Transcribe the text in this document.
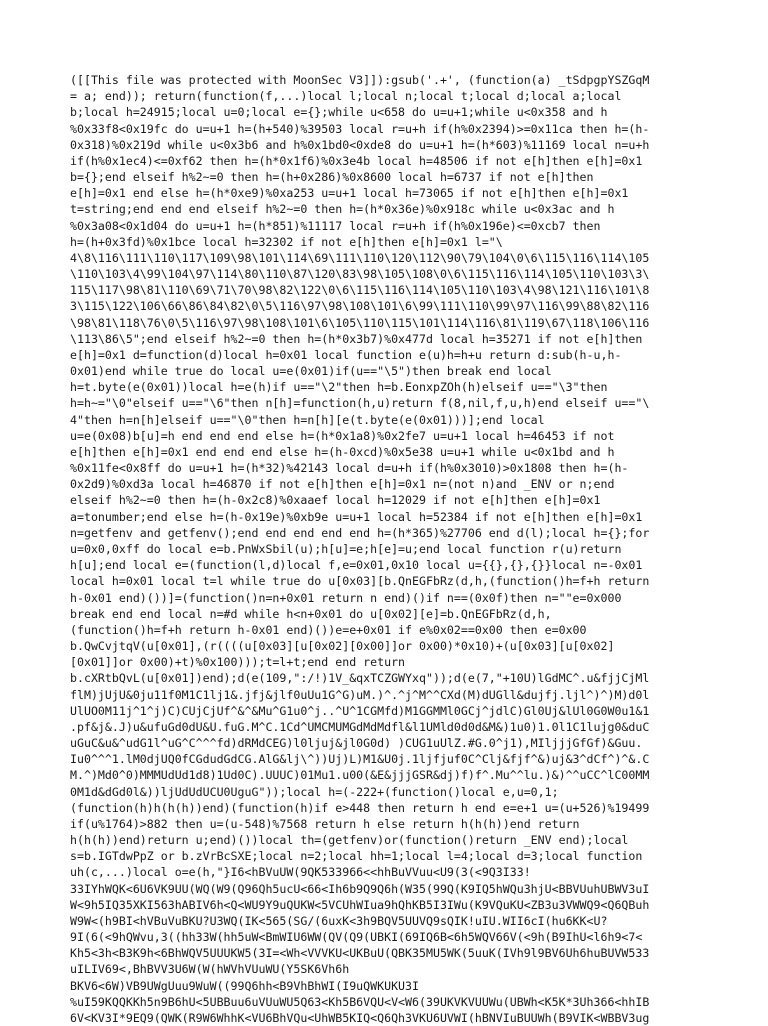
([[This file was protected with MoonSec V3]]):gsub('.+', (function(a) _tSdpgpYSZGqM
= a; end)); return(function(f,...)local l;local n;local t;local d;local a;local
b;local h=24915;local u=0;local e={};while u<658 do u=u+1;while u<0x358 and h
%0x33f8<0x19fc do u=u+1 h=(h+540)%39503 local r=u+h if(h%0x2394)>=0x11ca then h=(h-
0x318)%0x219d while u<0x3b6 and h%0x1bd0<0xde8 do u=u+1 h=(h*603)%11169 local n=u+h
if(h%0x1ec4)<=0xf62 then h=(h*0x1f6)%0x3e4b local h=48506 if not e[h]then e[h]=0x1
b={};end elseif h%2~=0 then h=(h+0x286)%0x8600 local h=6737 if not e[h]then
e[h]=0x1 end else h=(h*0xe9)%0xa253 u=u+1 local h=73065 if not e[h]then e[h]=0x1
t=string;end end end elseif h%2~=0 then h=(h*0x36e)%0x918c while u<0x3ac and h
%0x3a08<0x1d04 do u=u+1 h=(h*851)%11117 local r=u+h if(h%0x196e)<=0xcb7 then
h=(h+0x3fd)%0x1bce local h=32302 if not e[h]then e[h]=0x1 l="\
4\8\116\111\110\117\109\98\101\114\69\111\110\120\112\90\79\104\0\6\115\116\114\105
\110\103\4\99\104\97\114\80\110\87\120\83\98\105\108\0\6\115\116\114\105\110\103\3\
115\117\98\81\110\69\71\70\98\82\122\0\6\115\116\114\105\110\103\4\98\121\116\101\8
3\115\122\106\66\86\84\82\0\5\116\97\98\108\101\6\99\111\110\99\97\116\99\88\82\116
\98\81\118\76\0\5\116\97\98\108\101\6\105\110\115\101\114\116\81\119\67\118\106\116
\113\86\5";end elseif h%2~=0 then h=(h*0x3b7)%0x477d local h=35271 if not e[h]then
e[h]=0x1 d=function(d)local h=0x01 local function e(u)h=h+u return d:sub(h-u,h-
0x01)end while true do local u=e(0x01)if(u=="\5")then break end local
h=t.byte(e(0x01))local h=e(h)if u=="\2"then h=b.EonxpZOh(h)elseif u=="\3"then
h=h~="\0"elseif u=="\6"then n[h]=function(h,u)return f(8,nil,f,u,h)end elseif u=="\
4"then h=n[h]elseif u=="\0"then h=n[h][e(t.byte(e(0x01)))];end local
u=e(0x08)b[u]=h end end end else h=(h*0x1a8)%0x2fe7 u=u+1 local h=46453 if not
e[h]then e[h]=0x1 end end end else h=(h-0xcd)%0x5e38 u=u+1 while u<0x1bd and h
%0x11fe<0x8ff do u=u+1 h=(h*32)%42143 local d=u+h if(h%0x3010)>0x1808 then h=(h-
0x2d9)%0xd3a local h=46870 if not e[h]then e[h]=0x1 n=(not n)and _ENV or n;end
elseif h%2~=0 then h=(h-0x2c8)%0xaaef local h=12029 if not e[h]then e[h]=0x1
a=tonumber;end else h=(h-0x19e)%0xb9e u=u+1 local h=52384 if not e[h]then e[h]=0x1
n=getfenv and getfenv();end end end end end h=(h*365)%27706 end d(l);local h={};for
u=0x0,0xff do local e=b.PnWxSbil(u);h[u]=e;h[e]=u;end local function r(u)return
h[u];end local e=(function(l,d)local f,e=0x01,0x10 local u={{},{},{}}local n=-0x01
local h=0x01 local t=l while true do u[0x03][b.QnEGFbRz(d,h,(function()h=f+h return
h-0x01 end)())]=(function()n=n+0x01 return n end)()if n==(0x0f)then n=""e=0x000
break end end local n=#d while h<n+0x01 do u[0x02][e]=b.QnEGFbRz(d,h,
(function()h=f+h return h-0x01 end)())e=e+0x01 if e%0x02==0x00 then e=0x00
b.QwCvjtqV(u[0x01],(r((((u[0x03][u[0x02][0x00]]or 0x00)*0x10)+(u[0x03][u[0x02]
[0x01]]or 0x00)+t)%0x100)));t=l+t;end end return
b.cXRtbQvL(u[0x01])end);d(e(109,":/!)1V_&qxTCZGWYxq"));d(e(7,"+10U)lGdMC^.u&fjjCjMl
flM)jUjU&0ju11f0M1C1lj1&.jfj&jlf0uUu1G^G)uM.)^.^j^M^^CXd(M)dUGll&dujfj.ljl^)^)M)d0l
UlUO0M11j^1^j)C)CUjCjUf^&^&Mu^G1u0^j..^U^1CGMfd)M1GGMMl0GCj^jdlC)Gl0Uj&lUl0G0W0u1&1
.pf&j&.J)u&ufuGd0dU&U.fuG.M^C.1Cd^UMCMUMGdMdMdfl&l1UMld0d0d&M&)1u0)1.0l1C1lujg0&duC
uGuC&u&^udG1l^uG^C^^^fd)dRMdCEG)l0ljuj&jl0G0d) )CUG1uUlZ.#G.0^j1),MIljjjGfGf)&Guu.
Iu0^^^1.lM0djUQ0fCGdudGdCG.AlG&lj\^))Uj)L)M1&U0j.1ljfjuf0C^Clj&fjf^&)uj&3^dCf^)^&.C
M.^)Md0^0)MMMUdUd1d8)1Ud0C).UUUC)01Mu1.u00(&E&jjjGSR&dj)f)f^.Mu^^lu.)&)^^uCC^lC00MM
0M1d&dGd0l&))ljUdUdUCU0UguG"));local h=(-222+(function()local e,u=0,1;
(function(h)h(h(h))end)(function(h)if e>448 then return h end e=e+1 u=(u+526)%19499
if(u%1764)>882 then u=(u-548)%7568 return h else return h(h(h))end return
h(h(h))end)return u;end)())local th=(getfenv)or(function()return _ENV end);local
s=b.IGTdwPpZ or b.zVrBcSXE;local n=2;local hh=1;local l=4;local d=3;local function
uh(c,...)local o=e(h,"}I6<hBVuUW(9QK533966<<hhBuVVuu<U9(3(<9Q3I33!
33IYhWQK<6U6VK9UU(WQ(W9(Q96Qh5ucU<66<Ih6b9Q9Q6h(W35(99Q(K9IQ5hWQu3hjU<BBVUuhUBWV3uI
W<9h5IQ35XKI563hABIV6h<Q<WU9Y9uQUKW<5VCUhWIua9hQhKB5I3IWu(K9VQuKU<ZB3u3VWWQ9<Q6QBuh
W9W<(h9BI<hVBuVuBKU?U3WQ(IK<565(SG/(6uxK<3h9BQV5UUVQ9sQIK!uIU.WII6cI(hu6KK<U?
9I(6(<9hQWvu,3((hh33W(hh5uW<BmWIU6WW(QV(Q9(UBKI(69IQ6B<6h5WQV66V(<9h(B9IhU<l6h9<7<
Kh5<3h<B3K9h<6BhWQV5UUUKW5(3I=<Wh<VVVKU<UKBuU(QBK35MU5WK(5uuK(IVh9l9BV6Uh6huBUVW533
uILIV69<,BhBVV3U6W(W(hWVhVUuWU(Y5SK6Vh6h
BKV6<6W)VB9UWgUuu9WuW((99Q6hh<B9VhBhWI(I9uQWKUKU3I
%uI59KQQKKh5n9B6hU<5UBBuu6uVUuWU5Q63<Kh5B6VQU<V<W6(39UKVKVUUWu(UBWh<K5K*3Uh366<hhIB
6V<KV3I*9EQ9(QWK(R9W6WhhK<VU6BhVQu<UhWB5KIQ<Q6Qh3VKU6UVWI(hBNVIuBUUWh(B9VIK<WBBV3ug
